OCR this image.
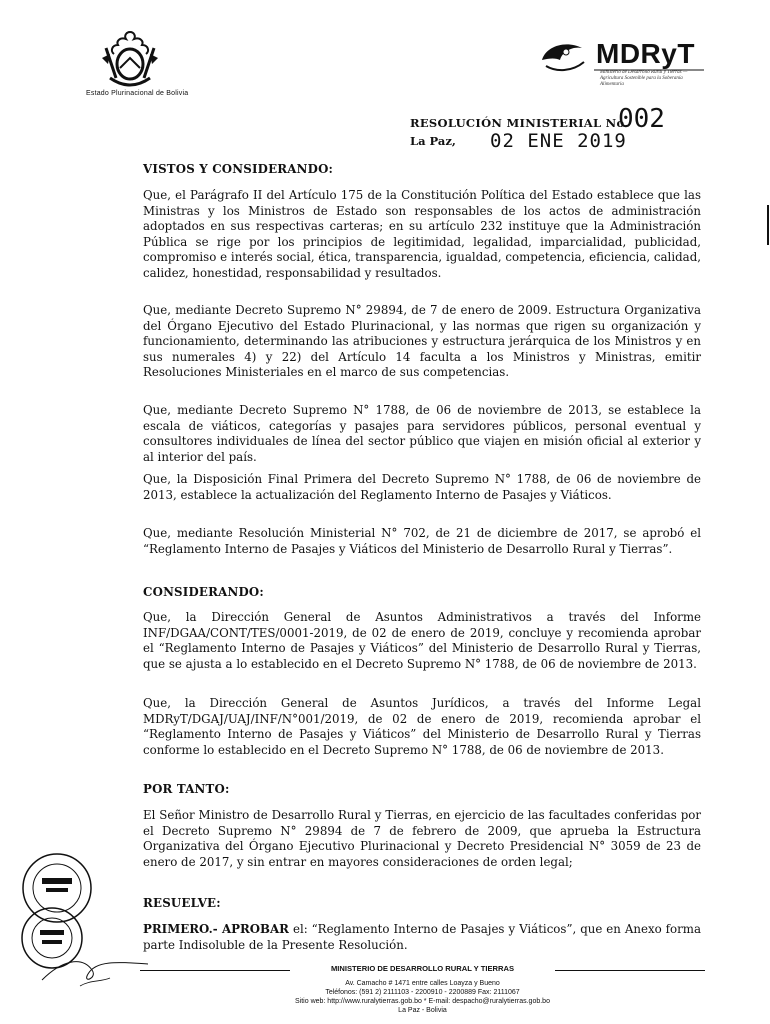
Estado Plurinacional de Bolivia
MDRyT
Ministerio de Desarrollo Rural y Tierras — Agricultura Sostenible para la Soberanía Alimentaria
RESOLUCIÓN MINISTERIAL No.
002
La Paz, 02 ENE 2019
VISTOS Y CONSIDERANDO:
Que, el Parágrafo II del Artículo 175 de la Constitución Política del Estado establece que las Ministras y los Ministros de Estado son responsables de los actos de administración adoptados en sus respectivas carteras; en su artículo 232 instituye que la Administración Pública se rige por los principios de legitimidad, legalidad, imparcialidad, publicidad, compromiso e interés social, ética, transparencia, igualdad, competencia, eficiencia, calidad, calidez, honestidad, responsabilidad y resultados.
Que, mediante Decreto Supremo N° 29894, de 7 de enero de 2009. Estructura Organizativa del Órgano Ejecutivo del Estado Plurinacional, y las normas que rigen su organización y funcionamiento, determinando las atribuciones y estructura jerárquica de los Ministros y en sus numerales 4) y 22) del Artículo 14 faculta a los Ministros y Ministras, emitir Resoluciones Ministeriales en el marco de sus competencias.
Que, mediante Decreto Supremo N° 1788, de 06 de noviembre de 2013, se establece la escala de viáticos, categorías y pasajes para servidores públicos, personal eventual y consultores individuales de línea del sector público que viajen en misión oficial al exterior y al interior del país.
Que, la Disposición Final Primera del Decreto Supremo N° 1788, de 06 de noviembre de 2013, establece la actualización del Reglamento Interno de Pasajes y Viáticos.
Que, mediante Resolución Ministerial N° 702, de 21 de diciembre de 2017, se aprobó el “Reglamento Interno de Pasajes y Viáticos del Ministerio de Desarrollo Rural y Tierras”.
CONSIDERANDO:
Que, la Dirección General de Asuntos Administrativos a través del Informe INF/DGAA/CONT/TES/0001-2019, de 02 de enero de 2019, concluye y recomienda aprobar el “Reglamento Interno de Pasajes y Viáticos” del Ministerio de Desarrollo Rural y Tierras, que se ajusta a lo establecido en el Decreto Supremo N° 1788, de 06 de noviembre de 2013.
Que, la Dirección General de Asuntos Jurídicos, a través del Informe Legal MDRyT/DGAJ/UAJ/INF/N°001/2019, de 02 de enero de 2019, recomienda aprobar el “Reglamento Interno de Pasajes y Viáticos” del Ministerio de Desarrollo Rural y Tierras conforme lo establecido en el Decreto Supremo N° 1788, de 06 de noviembre de 2013.
POR TANTO:
El Señor Ministro de Desarrollo Rural y Tierras, en ejercicio de las facultades conferidas por el Decreto Supremo N° 29894 de 7 de febrero de 2009, que aprueba la Estructura Organizativa del Órgano Ejecutivo Plurinacional y Decreto Presidencial N° 3059 de 23 de enero de 2017, y sin entrar en mayores consideraciones de orden legal;
RESUELVE:
PRIMERO.- APROBAR el: “Reglamento Interno de Pasajes y Viáticos”, que en Anexo forma parte Indisoluble de la Presente Resolución.
MINISTERIO DE DESARROLLO RURAL Y TIERRAS
Av. Camacho # 1471 entre calles Loayza y Bueno
Teléfonos: (591 2) 2111103 - 2200910 - 2200889 Fax: 2111067
Sitio web: http://www.ruralytierras.gob.bo * E-mail: despacho@ruralytierras.gob.bo
La Paz - Bolivia
